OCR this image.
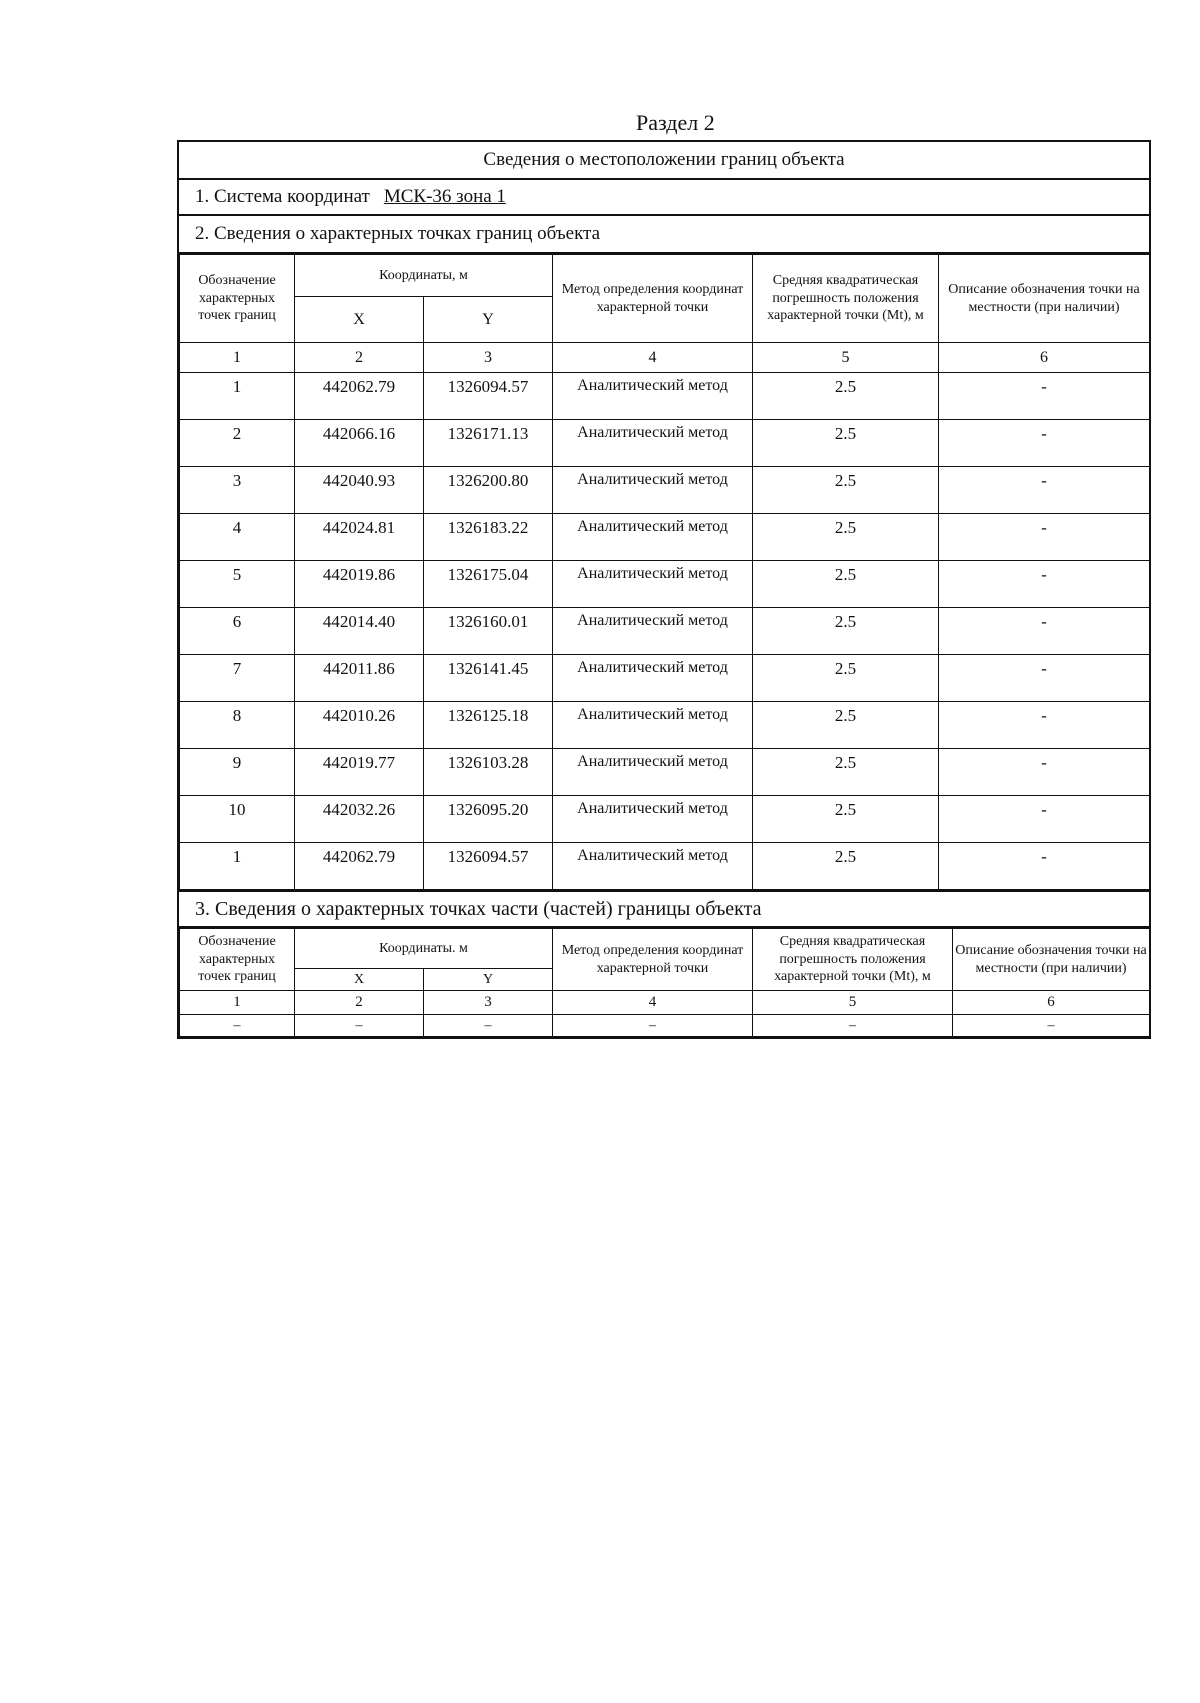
Раздел 2
Сведения о местоположении границ объекта
1. Система координат МСК-36 зона 1
2. Сведения о характерных точках границ объекта
Обозначение характерных точек границ	Координаты, м		Метод определения координат характерной точки	Средняя квадратическая погрешность положения характерной точки (Mt), м	Описание обозначения точки на местности (при наличии)
	X	Y			
1	2	3	4	5	6
1	442062.79	1326094.57	Аналитический метод	2.5	-
2	442066.16	1326171.13	Аналитический метод	2.5	-
3	442040.93	1326200.80	Аналитический метод	2.5	-
4	442024.81	1326183.22	Аналитический метод	2.5	-
5	442019.86	1326175.04	Аналитический метод	2.5	-
6	442014.40	1326160.01	Аналитический метод	2.5	-
7	442011.86	1326141.45	Аналитический метод	2.5	-
8	442010.26	1326125.18	Аналитический метод	2.5	-
9	442019.77	1326103.28	Аналитический метод	2.5	-
10	442032.26	1326095.20	Аналитический метод	2.5	-
1	442062.79	1326094.57	Аналитический метод	2.5	-
3. Сведения о характерных точках части (частей) границы объекта
Обозначение характерных точек границ	Координаты. м		Метод определения координат характерной точки	Средняя квадратическая погрешность положения характерной точки (Mt), м	Описание обозначения точки на местности (при наличии)
	X	Y			
1	2	3	4	5	6
–	–	–	–	–	–
